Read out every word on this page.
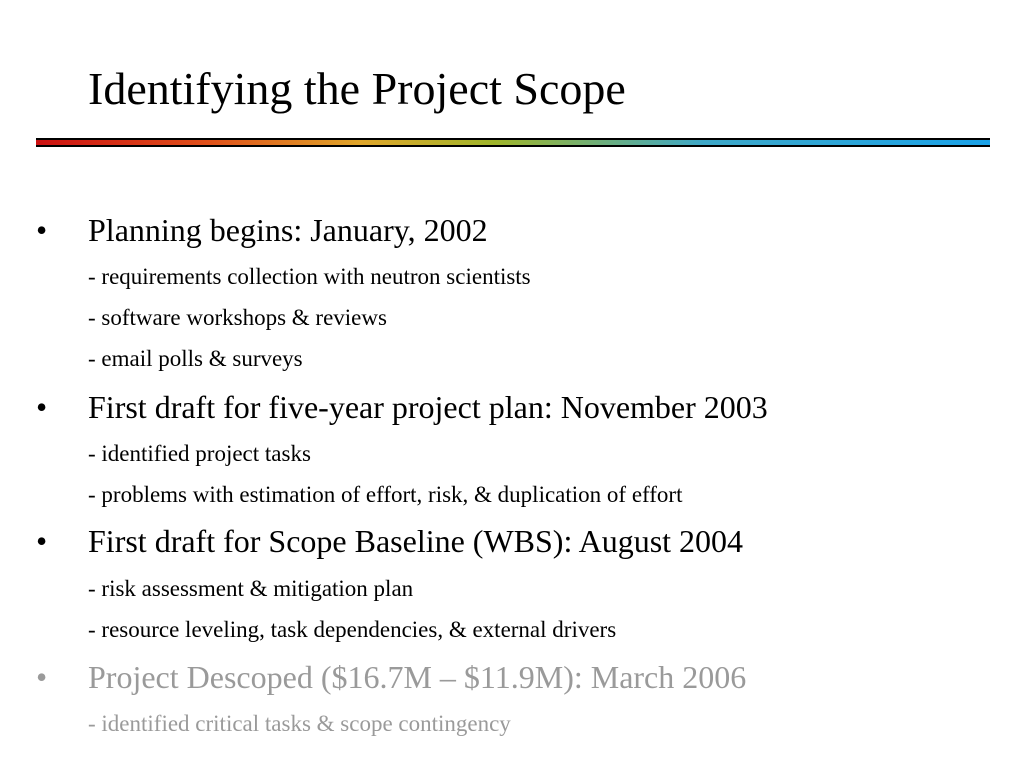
Identifying the Project Scope
• Planning begins: January, 2002
- requirements collection with neutron scientists
- software workshops & reviews
- email polls & surveys
• First draft for five-year project plan: November 2003
- identified project tasks
- problems with estimation of effort, risk, & duplication of effort
• First draft for Scope Baseline (WBS): August 2004
- risk assessment & mitigation plan
- resource leveling, task dependencies, & external drivers
• Project Descoped ($16.7M – $11.9M): March 2006
- identified critical tasks & scope contingency
